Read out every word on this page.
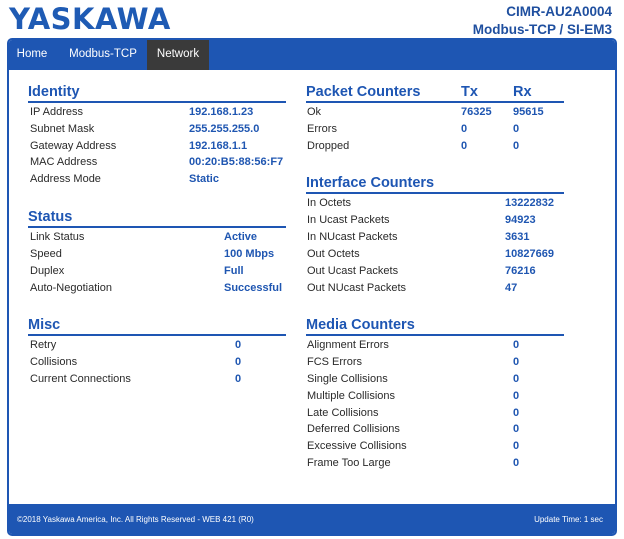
YASKAWA	CIMR-AU2A0004
Modbus-TCP / SI-EM3
Home	Modbus-TCP	Network
Identity
IP Address	192.168.1.23
Subnet Mask	255.255.255.0
Gateway Address	192.168.1.1
MAC Address	00:20:B5:88:56:F7
Address Mode	Static
Status
Link Status	Active
Speed	100 Mbps
Duplex	Full
Auto-Negotiation	Successful
Misc
Retry	0
Collisions	0
Current Connections	0
Packet Counters	Tx Rx
Ok	76325 95615
Errors	0	0
Dropped	0	0
Interface Counters
In Octets	13222832
In Ucast Packets	94923
In NUcast Packets	3631
Out Octets	10827669
Out Ucast Packets	76216
Out NUcast Packets	47
Media Counters
Alignment Errors	0
FCS Errors	0
Single Collisions	0
Multiple Collisions	0
Late Collisions	0
Deferred Collisions	0
Excessive Collisions	0
Frame Too Large	0
©2018 Yaskawa America, Inc. All Rights Reserved - WEB 421 (R0)	Update Time: 1 sec
